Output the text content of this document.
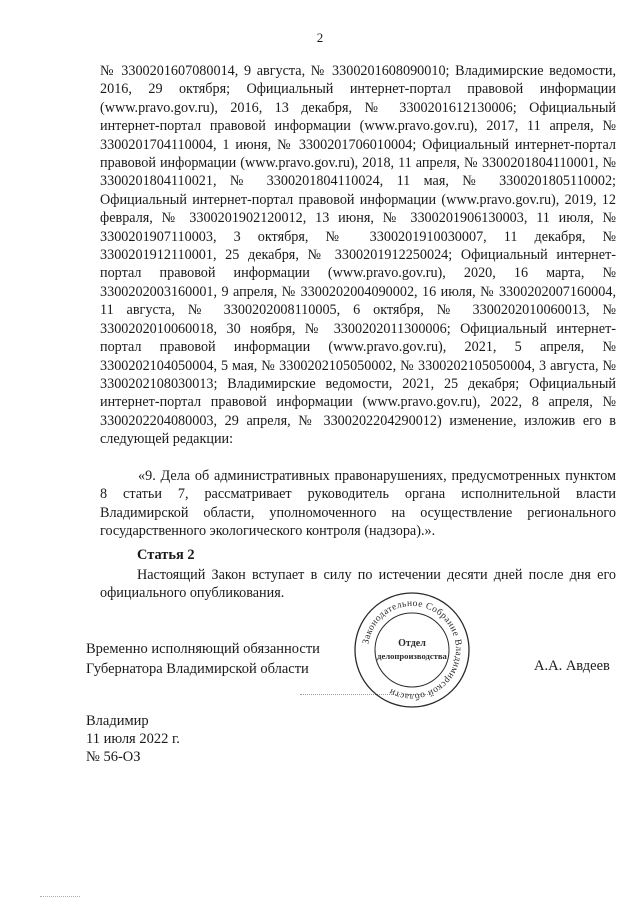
2

№ 3300201607080014, 9 августа, № 3300201608090010; Владимирские ведомости, 2016, 29 октября; Официальный интернет-портал правовой информации (www.pravo.gov.ru), 2016, 13 декабря, № 3300201612130006; Официальный интернет-портал правовой информации (www.pravo.gov.ru), 2017, 11 апреля, № 3300201704110004, 1 июня, № 3300201706010004; Официальный интернет-портал правовой информации (www.pravo.gov.ru), 2018, 11 апреля, № 3300201804110001, № 3300201804110021, № 3300201804110024, 11 мая, № 3300201805110002; Официальный интернет-портал правовой информации (www.pravo.gov.ru), 2019, 12 февраля, № 3300201902120012, 13 июня, № 3300201906130003, 11 июля, № 3300201907110003, 3 октября, № 3300201910030007, 11 декабря, № 3300201912110001, 25 декабря, № 3300201912250024; Официальный интернет-портал правовой информации (www.pravo.gov.ru), 2020, 16 марта, № 3300202003160001, 9 апреля, № 3300202004090002, 16 июля, № 3300202007160004, 11 августа, № 3300202008110005, 6 октября, № 3300202010060013, № 3300202010060018, 30 ноября, № 3300202011300006; Официальный интернет-портал правовой информации (www.pravo.gov.ru), 2021, 5 апреля, № 3300202104050004, 5 мая, № 3300202105050002, № 3300202105050004, 3 августа, № 3300202108030013; Владимирские ведомости, 2021, 25 декабря; Официальный интернет-портал правовой информации (www.pravo.gov.ru), 2022, 8 апреля, № 3300202204080003, 29 апреля, № 3300202204290012) изменение, изложив его в следующей редакции:

«9. Дела об административных правонарушениях, предусмотренных пунктом 8 статьи 7, рассматривает руководитель органа исполнительной власти Владимирской области, уполномоченного на осуществление регионального государственного экологического контроля (надзора).».

Статья 2

Настоящий Закон вступает в силу по истечении десяти дней после дня его официального опубликования.

Временно исполняющий обязанности
Губернатора Владимирской области	А.А. Авдеев
Законодательное Собрание Владимирской области
Отдел
делопроизводства
Владимир
11 июля 2022 г.
№ 56-ОЗ
